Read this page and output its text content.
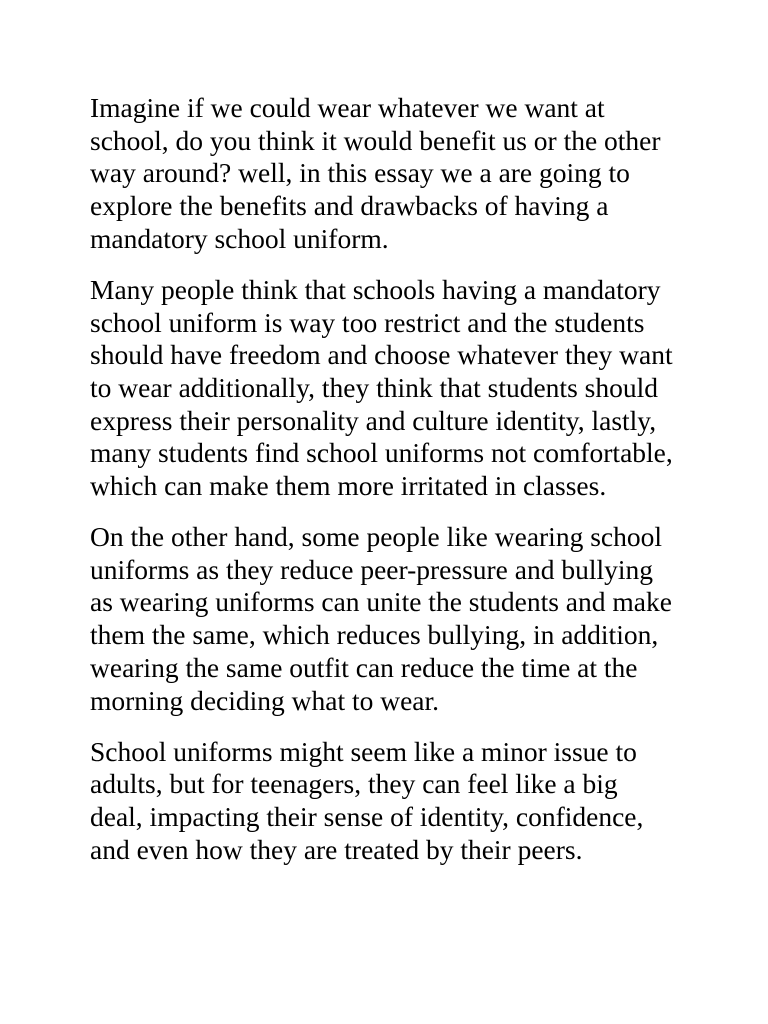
Imagine if we could wear whatever we want at
school, do you think it would benefit us or the other
way around? well, in this essay we a are going to
explore the benefits and drawbacks of having a
mandatory school uniform.

Many people think that schools having a mandatory
school uniform is way too restrict and the students
should have freedom and choose whatever they want
to wear additionally, they think that students should
express their personality and culture identity, lastly,
many students find school uniforms not comfortable,
which can make them more irritated in classes.

On the other hand, some people like wearing school
uniforms as they reduce peer-pressure and bullying
as wearing uniforms can unite the students and make
them the same, which reduces bullying, in addition,
wearing the same outfit can reduce the time at the
morning deciding what to wear.

School uniforms might seem like a minor issue to
adults, but for teenagers, they can feel like a big
deal, impacting their sense of identity, confidence,
and even how they are treated by their peers.
